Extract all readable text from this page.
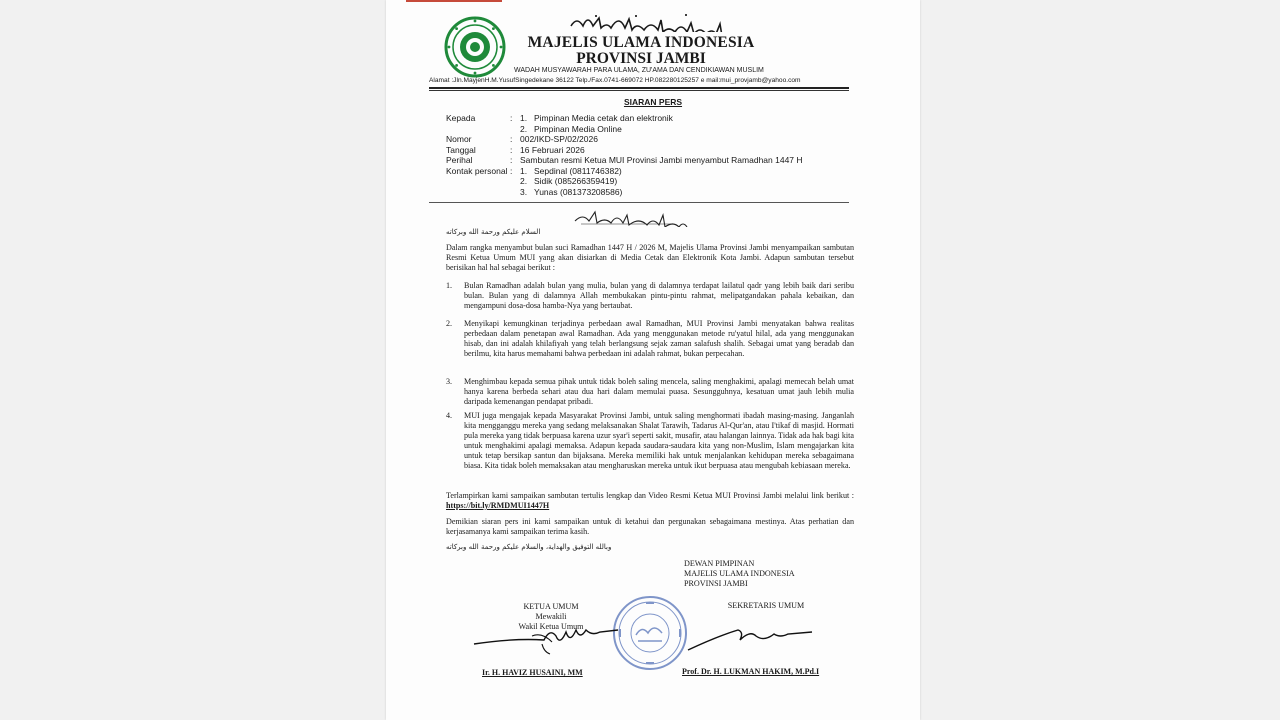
MAJELIS ULAMA INDONESIA
PROVINSI JAMBI
WADAH MUSYAWARAH PARA ULAMA, ZU'AMA DAN CENDIKIAWAN MUSLIM
Alamat :Jln.MayjenH.M.YusufSingedekane 36122 Telp./Fax.0741-669072 HP.082280125257 e mail:mui_provjamb@yahoo.com
SIARAN PERS
Kepada	: 1. Pimpinan Media cetak dan elektronik
2. Pimpinan Media Online
Nomor	: 002/IKD-SP/02/2026
Tanggal	: 16 Februari 2026
Perihal	: Sambutan resmi Ketua MUI Provinsi Jambi menyambut Ramadhan 1447 H
Kontak personal : 1. Sepdinal (0811746382)
2. Sidik (085266359419)
3. Yunas (081373208586)
السلام عليكم ورحمة الله وبركاته
Dalam rangka menyambut bulan suci Ramadhan 1447 H / 2026 M, Majelis Ulama Provinsi Jambi menyampaikan sambutan Resmi Ketua Umum MUI yang akan disiarkan di Media Cetak dan Elektronik Kota Jambi. Adapun sambutan tersebut berisikan hal hal sebagai berikut :
1.	Bulan Ramadhan adalah bulan yang mulia, bulan yang di dalamnya terdapat lailatul qadr yang lebih baik dari seribu bulan. Bulan yang di dalamnya Allah membukakan pintu-pintu rahmat, melipatgandakan pahala kebaikan, dan mengampuni dosa-dosa hamba-Nya yang bertaubat.
2.	Menyikapi kemungkinan terjadinya perbedaan awal Ramadhan, MUI Provinsi Jambi menyatakan bahwa realitas perbedaan dalam penetapan awal Ramadhan. Ada yang menggunakan metode ru'yatul hilal, ada yang menggunakan hisab, dan ini adalah khilafiyah yang telah berlangsung sejak zaman salafush shalih. Sebagai umat yang beradab dan berilmu, kita harus memahami bahwa perbedaan ini adalah rahmat, bukan perpecahan.
3.	Menghimbau kepada semua pihak untuk tidak boleh saling mencela, saling menghakimi, apalagi memecah belah umat hanya karena berbeda sehari atau dua hari dalam memulai puasa. Sesungguhnya, kesatuan umat jauh lebih mulia daripada kemenangan pendapat pribadi.
4.	MUI juga mengajak kepada Masyarakat Provinsi Jambi, untuk saling menghormati ibadah masing-masing. Janganlah kita mengganggu mereka yang sedang melaksanakan Shalat Tarawih, Tadarus Al-Qur'an, atau I'tikaf di masjid. Hormati pula mereka yang tidak berpuasa karena uzur syar'i seperti sakit, musafir, atau halangan lainnya. Tidak ada hak bagi kita untuk menghakimi apalagi memaksa. Adapun kepada saudara-saudara kita yang non-Muslim, Islam mengajarkan kita untuk tetap bersikap santun dan bijaksana. Mereka memiliki hak untuk menjalankan kehidupan mereka sebagaimana biasa. Kita tidak boleh memaksakan atau mengharuskan mereka untuk ikut berpuasa atau mengubah kebiasaan mereka.
Terlampirkan kami sampaikan sambutan tertulis lengkap dan Video Resmi Ketua MUI Provinsi Jambi melalui link berikut : https://bit.ly/RMDMUI1447H
Demikian siaran pers ini kami sampaikan untuk di ketahui dan pergunakan sebagaimana mestinya. Atas perhatian dan kerjasamanya kami sampaikan terima kasih.
وبالله التوفيق والهداية، والسلام عليكم ورحمة الله وبركاته
DEWAN PIMPINAN
MAJELIS ULAMA INDONESIA
PROVINSI JAMBI
KETUA UMUM
Mewakili
Wakil Ketua Umum
SEKRETARIS UMUM
Ir. H. HAVIZ HUSAINI, MM	Prof. Dr. H. LUKMAN HAKIM, M.Pd.I
